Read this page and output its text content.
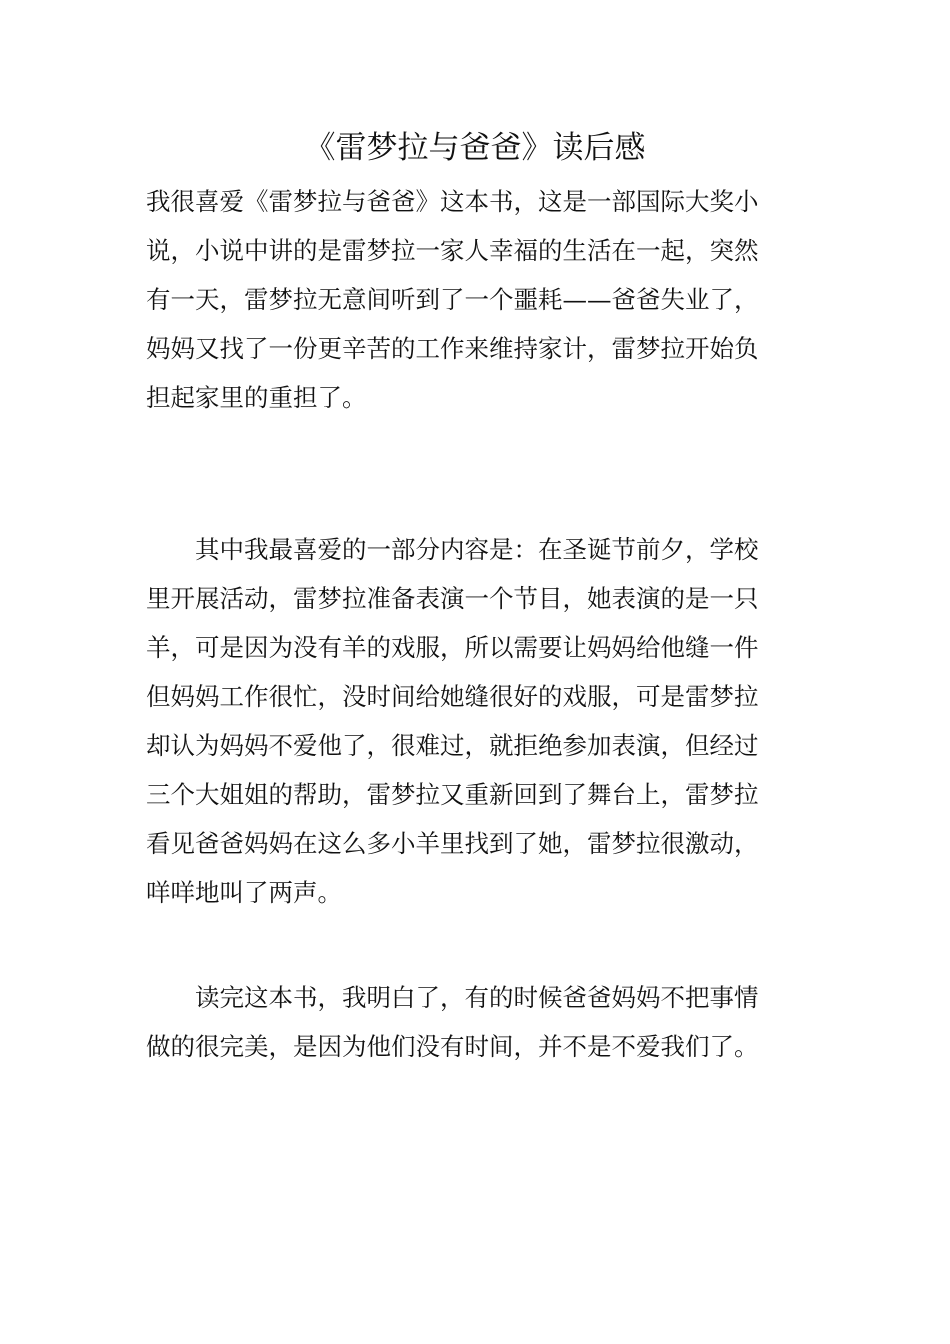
《雷梦拉与爸爸》读后感
我很喜爱《雷梦拉与爸爸》这本书，这是一部国际大奖小
说，小说中讲的是雷梦拉一家人幸福的生活在一起，突然
有一天，雷梦拉无意间听到了一个噩耗——爸爸失业了，
妈妈又找了一份更辛苦的工作来维持家计，雷梦拉开始负
担起家里的重担了。
　　其中我最喜爱的一部分内容是：在圣诞节前夕，学校
里开展活动，雷梦拉准备表演一个节目，她表演的是一只
羊，可是因为没有羊的戏服，所以需要让妈妈给他缝一件
但妈妈工作很忙，没时间给她缝很好的戏服，可是雷梦拉
却认为妈妈不爱他了，很难过，就拒绝参加表演，但经过
三个大姐姐的帮助，雷梦拉又重新回到了舞台上，雷梦拉
看见爸爸妈妈在这么多小羊里找到了她，雷梦拉很激动，
咩咩地叫了两声。
　　读完这本书，我明白了，有的时候爸爸妈妈不把事情
做的很完美，是因为他们没有时间，并不是不爱我们了。
